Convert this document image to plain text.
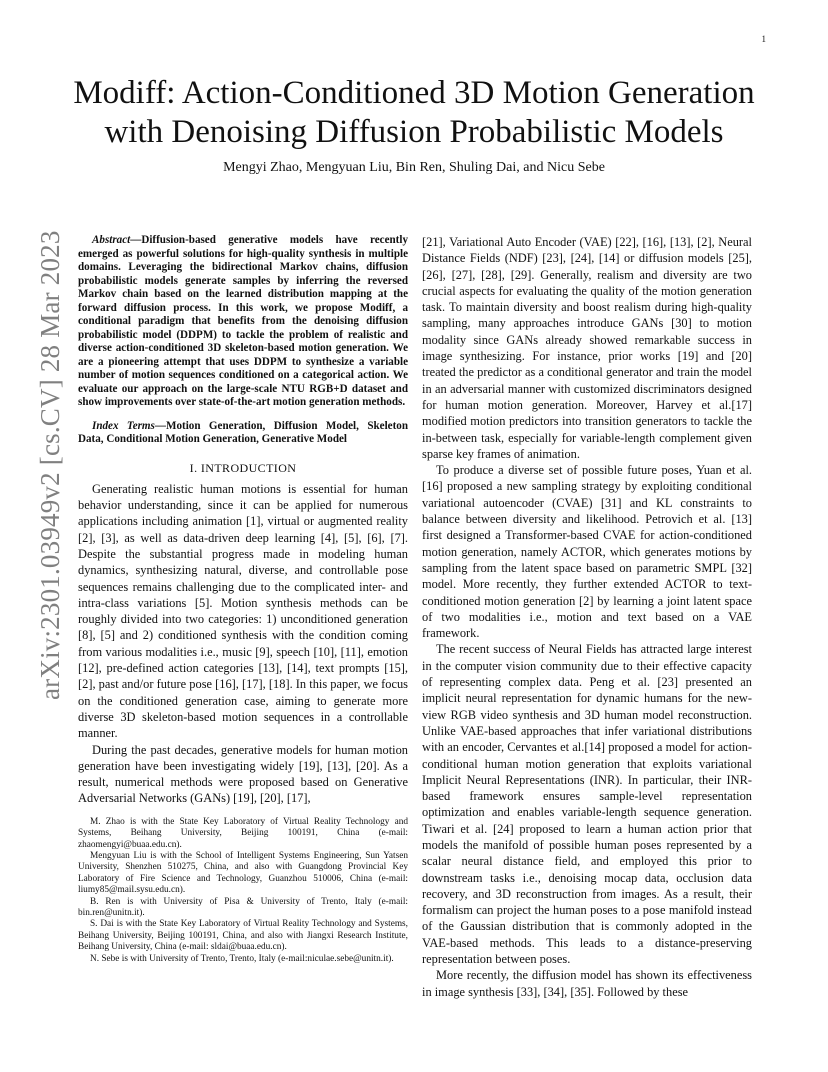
1
Modiff: Action-Conditioned 3D Motion Generation with Denoising Diffusion Probabilistic Models
Mengyi Zhao, Mengyuan Liu, Bin Ren, Shuling Dai, and Nicu Sebe
arXiv:2301.03949v2 [cs.CV] 28 Mar 2023	Abstract—Diffusion-based generative models have recently emerged as powerful solutions for high-quality synthesis in multiple domains. Leveraging the bidirectional Markov chains, diffusion probabilistic models generate samples by inferring the reversed Markov chain based on the learned distribution mapping at the forward diffusion process. In this work, we propose Modiff, a conditional paradigm that benefits from the denoising diffusion probabilistic model (DDPM) to tackle the problem of realistic and diverse action-conditioned 3D skeleton-based motion generation. We are a pioneering attempt that uses DDPM to synthesize a variable number of motion sequences conditioned on a categorical action. We evaluate our approach on the large-scale NTU RGB+D dataset and show improvements over state-of-the-art motion generation methods.

Index Terms—Motion Generation, Diffusion Model, Skeleton Data, Conditional Motion Generation, Generative Model

I. INTRODUCTION

Generating realistic human motions is essential for human behavior understanding, since it can be applied for numerous applications including animation [1], virtual or augmented reality [2], [3], as well as data-driven deep learning [4], [5], [6], [7]. Despite the substantial progress made in modeling human dynamics, synthesizing natural, diverse, and controllable pose sequences remains challenging due to the complicated inter- and intra-class variations [5]. Motion synthesis methods can be roughly divided into two categories: 1) unconditioned generation [8], [5] and 2) conditioned synthesis with the condition coming from various modalities i.e., music [9], speech [10], [11], emotion [12], pre-defined action categories [13], [14], text prompts [15], [2], past and/or future pose [16], [17], [18]. In this paper, we focus on the conditioned generation case, aiming to generate more diverse 3D skeleton-based motion sequences in a controllable manner.

During the past decades, generative models for human motion generation have been investigating widely [19], [13], [20]. As a result, numerical methods were proposed based on Generative Adversarial Networks (GANs) [19], [20], [17],

M. Zhao is with the State Key Laboratory of Virtual Reality Technology and Systems, Beihang University, Beijing 100191, China (e-mail: zhaomengyi@buaa.edu.cn).

Mengyuan Liu is with the School of Intelligent Systems Engineering, Sun Yatsen University, Shenzhen 510275, China, and also with Guangdong Provincial Key Laboratory of Fire Science and Technology, Guanzhou 510006, China (e-mail: liumy85@mail.sysu.edu.cn).

B. Ren is with University of Pisa & University of Trento, Italy (e-mail: bin.ren@unitn.it).

S. Dai is with the State Key Laboratory of Virtual Reality Technology and Systems, Beihang University, Beijing 100191, China, and also with Jiangxi Research Institute, Beihang University, China (e-mail: sldai@buaa.edu.cn).

N. Sebe is with University of Trento, Trento, Italy (e-mail:niculae.sebe@unitn.it).

[21], Variational Auto Encoder (VAE) [22], [16], [13], [2], Neural Distance Fields (NDF) [23], [24], [14] or diffusion models [25], [26], [27], [28], [29]. Generally, realism and diversity are two crucial aspects for evaluating the quality of the motion generation task. To maintain diversity and boost realism during high-quality sampling, many approaches introduce GANs [30] to motion modality since GANs already showed remarkable success in image synthesizing. For instance, prior works [19] and [20] treated the predictor as a conditional generator and train the model in an adversarial manner with customized discriminators designed for human motion generation. Moreover, Harvey et al.[17] modified motion predictors into transition generators to tackle the in-between task, especially for variable-length complement given sparse key frames of animation.

To produce a diverse set of possible future poses, Yuan et al. [16] proposed a new sampling strategy by exploiting conditional variational autoencoder (CVAE) [31] and KL constraints to balance between diversity and likelihood. Petrovich et al. [13] first designed a Transformer-based CVAE for action-conditioned motion generation, namely ACTOR, which generates motions by sampling from the latent space based on parametric SMPL [32] model. More recently, they further extended ACTOR to text-conditioned motion generation [2] by learning a joint latent space of two modalities i.e., motion and text based on a VAE framework.

The recent success of Neural Fields has attracted large interest in the computer vision community due to their effective capacity of representing complex data. Peng et al. [23] presented an implicit neural representation for dynamic humans for the new-view RGB video synthesis and 3D human model reconstruction. Unlike VAE-based approaches that infer variational distributions with an encoder, Cervantes et al.[14] proposed a model for action-conditional human motion generation that exploits variational Implicit Neural Representations (INR). In particular, their INR-based framework ensures sample-level representation optimization and enables variable-length sequence generation. Tiwari et al. [24] proposed to learn a human action prior that models the manifold of possible human poses represented by a scalar neural distance field, and employed this prior to downstream tasks i.e., denoising mocap data, occlusion data recovery, and 3D reconstruction from images. As a result, their formalism can project the human poses to a pose manifold instead of the Gaussian distribution that is commonly adopted in the VAE-based methods. This leads to a distance-preserving representation between poses.

More recently, the diffusion model has shown its effectiveness in image synthesis [33], [34], [35]. Followed by these
